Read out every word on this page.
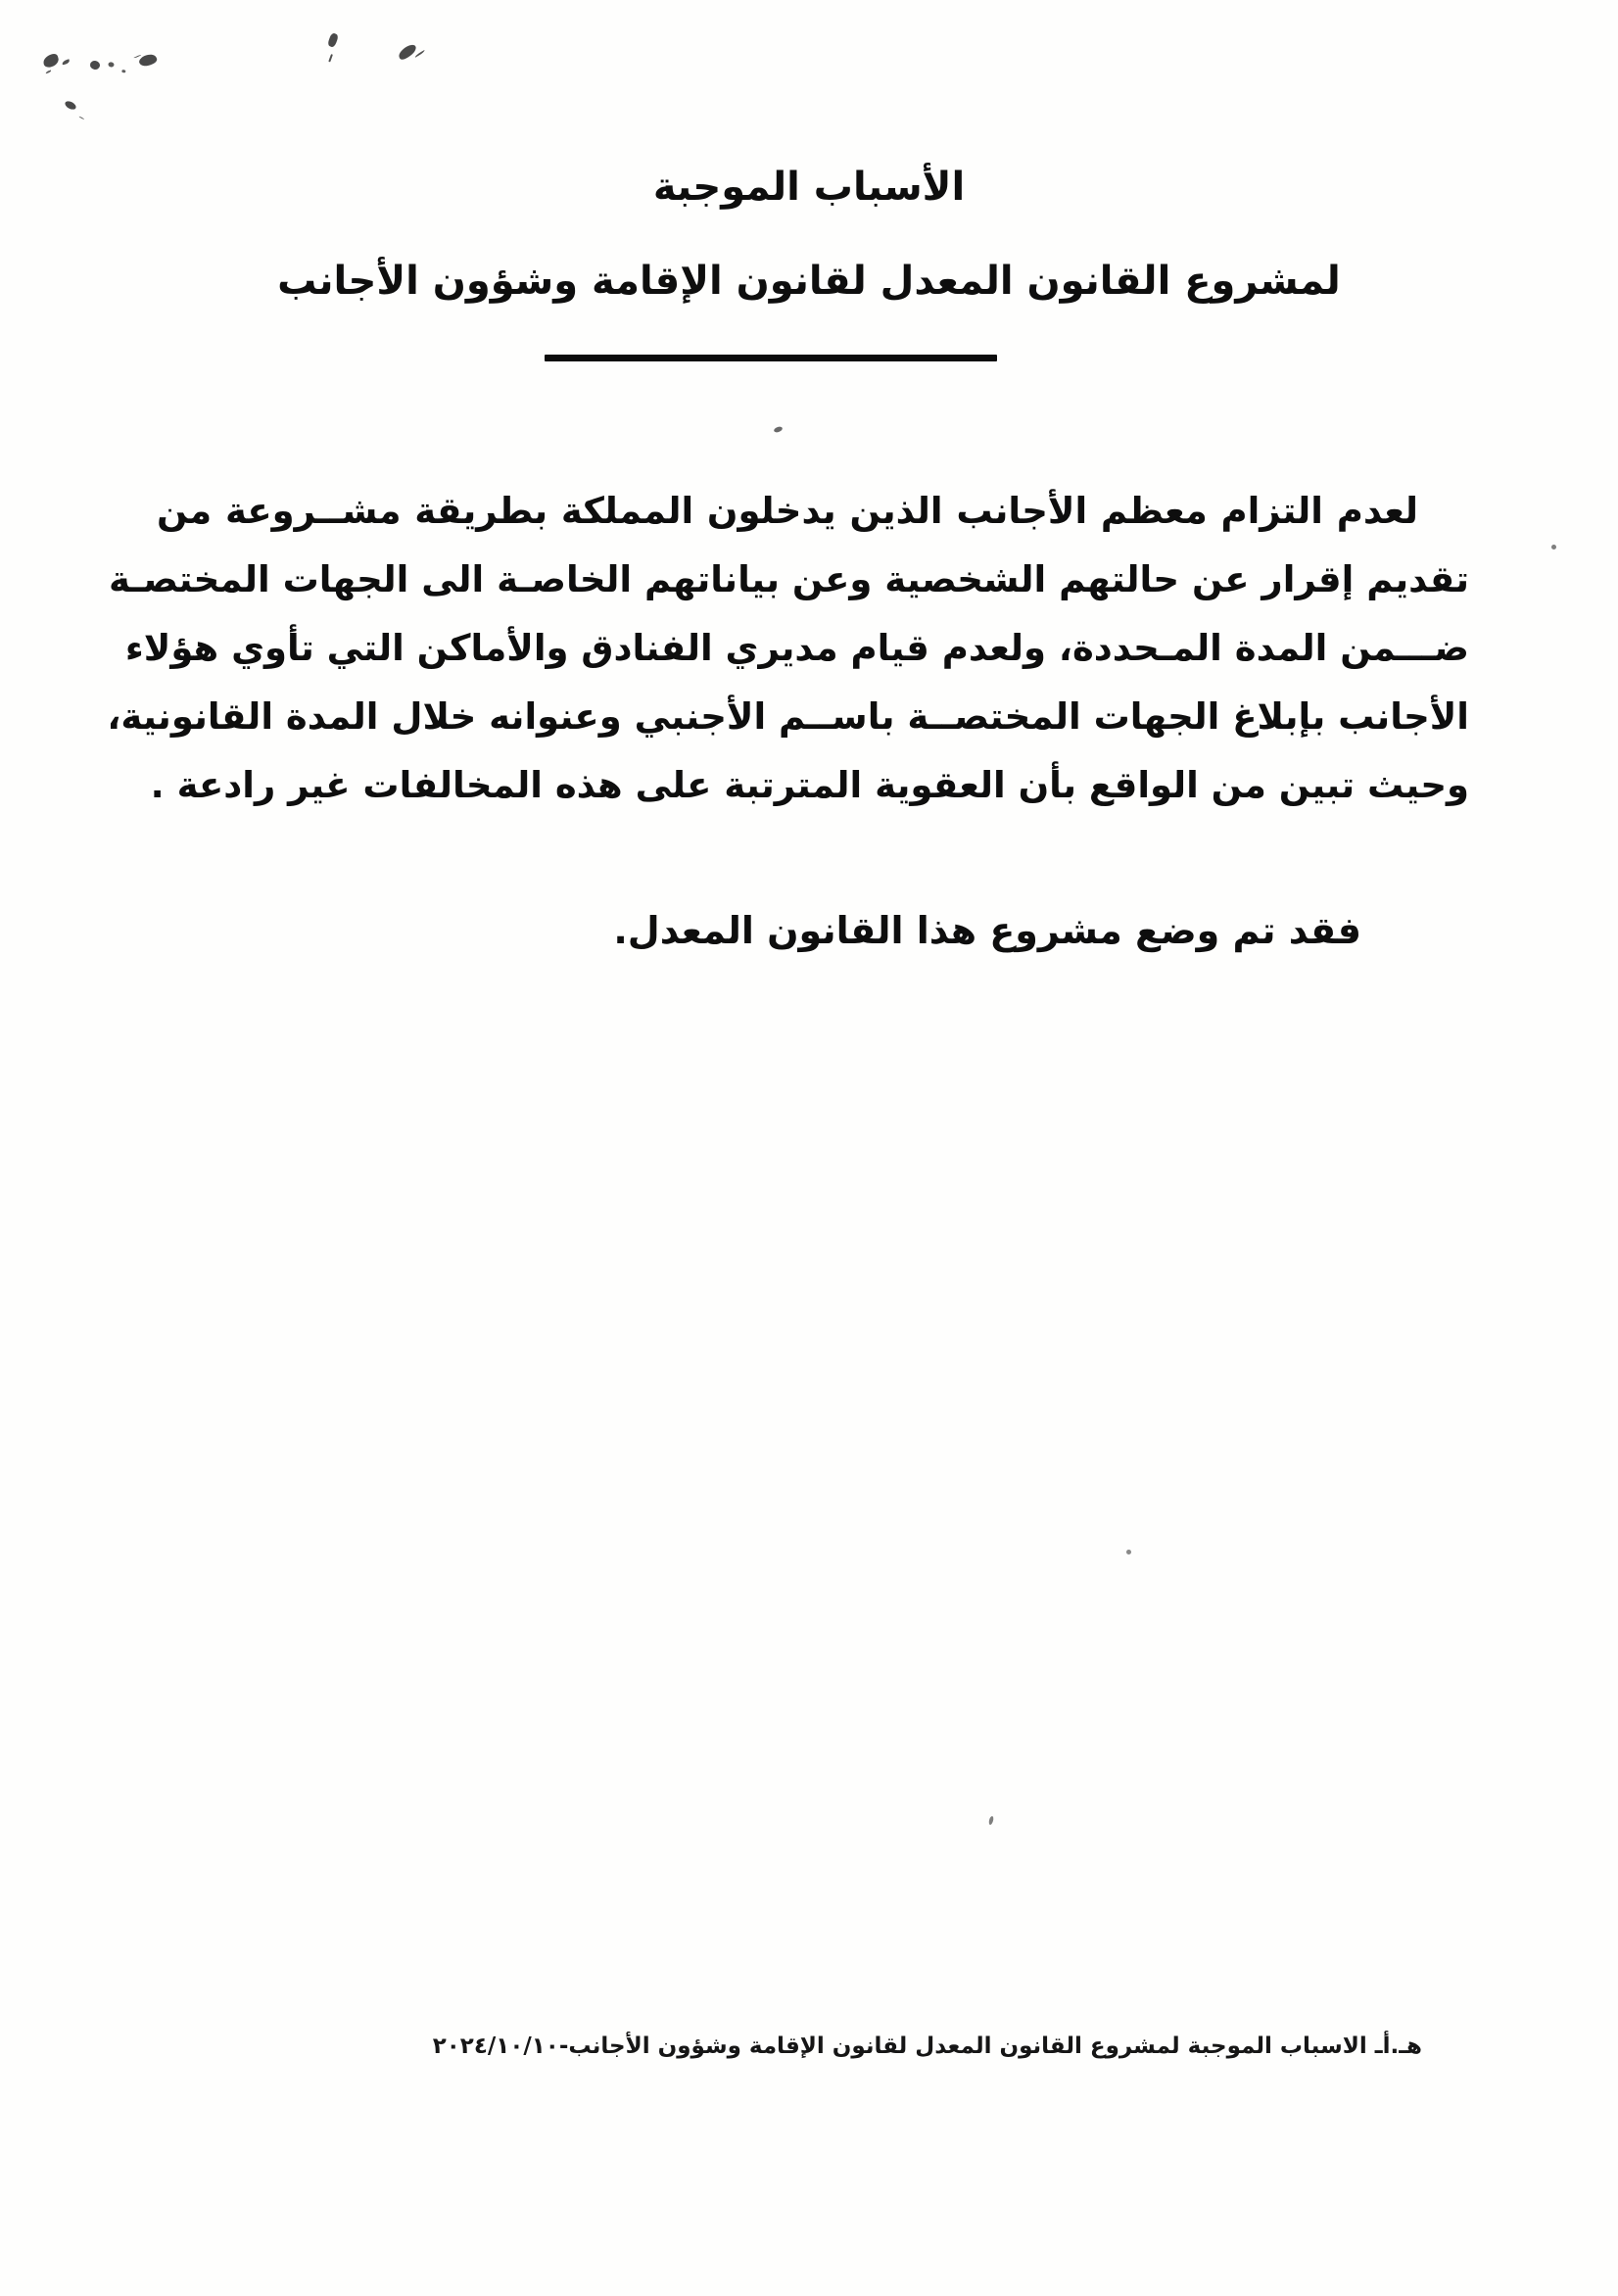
الأسباب الموجبة
لمشروع القانون المعدل لقانون الإقامة وشؤون الأجانب
لعدم التزام معظم الأجانب الذين يدخلون المملكة بطريقة مشــروعة من
تقديم إقرار عن حالتهم الشخصية وعن بياناتهم الخاصـة الى الجهات المختصـة
ضـــمن المدة المـحددة، ولعدم قيام مديري الفنادق والأماكن التي تأوي هؤلاء
الأجانب بإبلاغ الجهات المختصــة باســم الأجنبي وعنوانه خلال المدة القانونية،
وحيث تبين من الواقع بأن العقوية المترتبة على هذه المخالفات غير رادعة .
فقد تم وضع مشروع هذا القانون المعدل.
هـ.أـ الاسباب الموجبة لمشروع القانون المعدل لقانون الإقامة وشؤون الأجانب-٢٠٢٤/١٠/١٠
